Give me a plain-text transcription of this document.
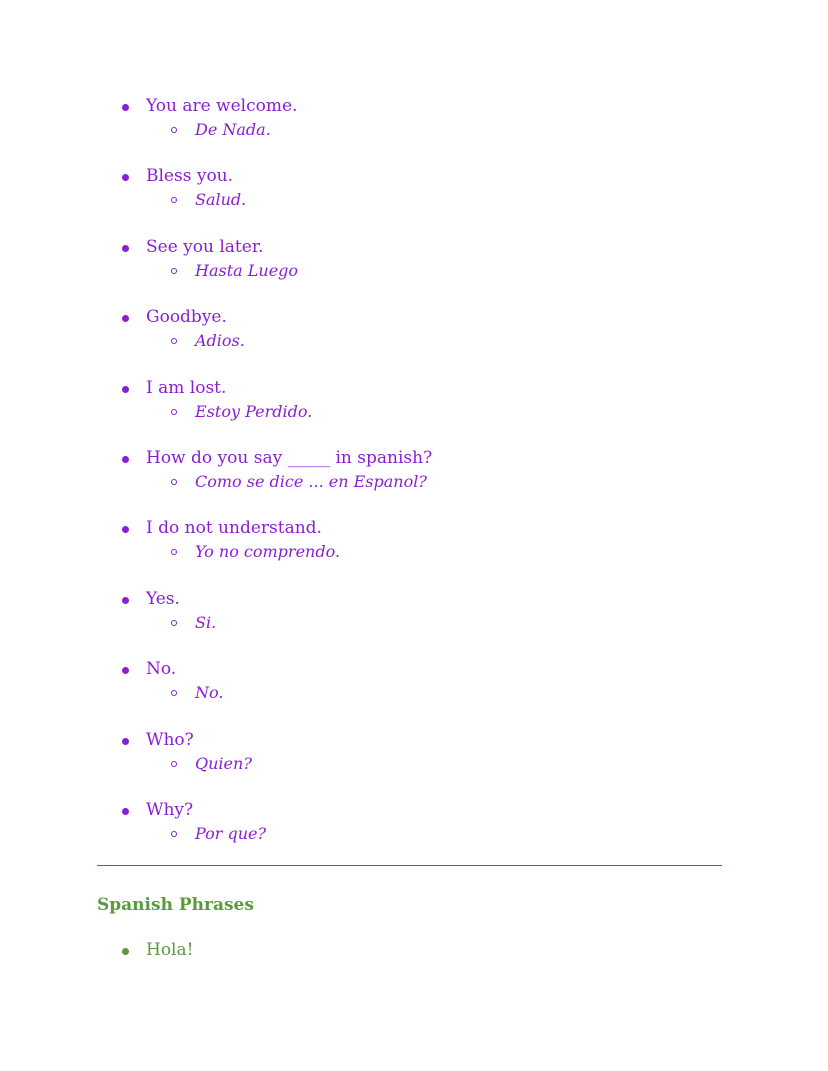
You are welcome.
De Nada.
Bless you.
Salud.
See you later.
Hasta Luego
Goodbye.
Adios.
I am lost.
Estoy Perdido.
How do you say _____ in spanish?
Como se dice ... en Espanol?
I do not understand.
Yo no comprendo.
Yes.
Si.
No.
No.
Who?
Quien?
Why?
Por que?
Spanish Phrases
Hola!
